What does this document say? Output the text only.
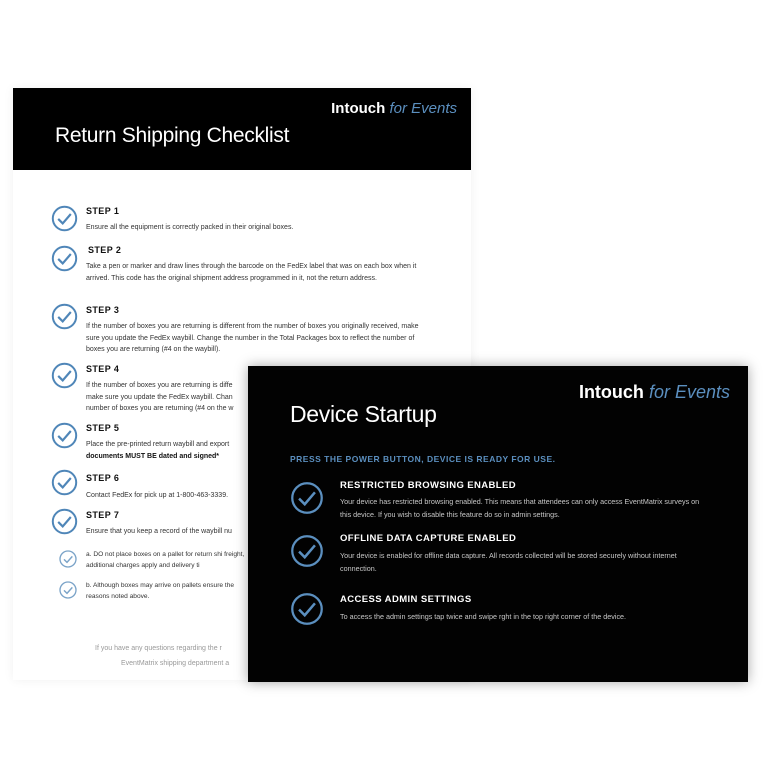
Intouch for Events
Return Shipping Checklist
STEP 1
Ensure all the equipment is correctly packed in their original boxes.
STEP 2
Take a pen or marker and draw lines through the barcode on the FedEx label that was on each box when it arrived. This code has the original shipment address programmed in it, not the return address.
STEP 3
If the number of boxes you are returning is different from the number of boxes you originally received, make sure you update the FedEx waybill. Change the number in the Total Packages box to reflect the number of boxes you are returning (#4 on the waybill).
STEP 4
If the number of boxes you are returning is diffe make sure you update the FedEx waybill. Chan number of boxes you are returning (#4 on the w
STEP 5
Place the pre-printed return waybill and export documents MUST BE dated and signed*
STEP 6
Contact FedEx for pick up at 1-800-463-3339.
STEP 7
Ensure that you keep a record of the waybill nu
a. DO not place boxes on a pallet for return shi freight, additional charges apply and delivery ti
b. Although boxes may arrive on pallets ensure the reasons noted above.
If you have any questions regarding the r
EventMatrix shipping department a
Intouch for Events
Device Startup
PRESS THE POWER BUTTON, DEVICE IS READY FOR USE.
RESTRICTED BROWSING ENABLED
Your device has restricted browsing enabled. This means that attendees can only access EventMatrix surveys on this device. If you wish to disable this feature do so in admin settings.
OFFLINE DATA CAPTURE ENABLED
Your device is enabled for offline data capture. All records collected will be stored securely without internet connection.
ACCESS ADMIN SETTINGS
To access the admin settings tap twice and swipe rght in the top right corner of the device.
